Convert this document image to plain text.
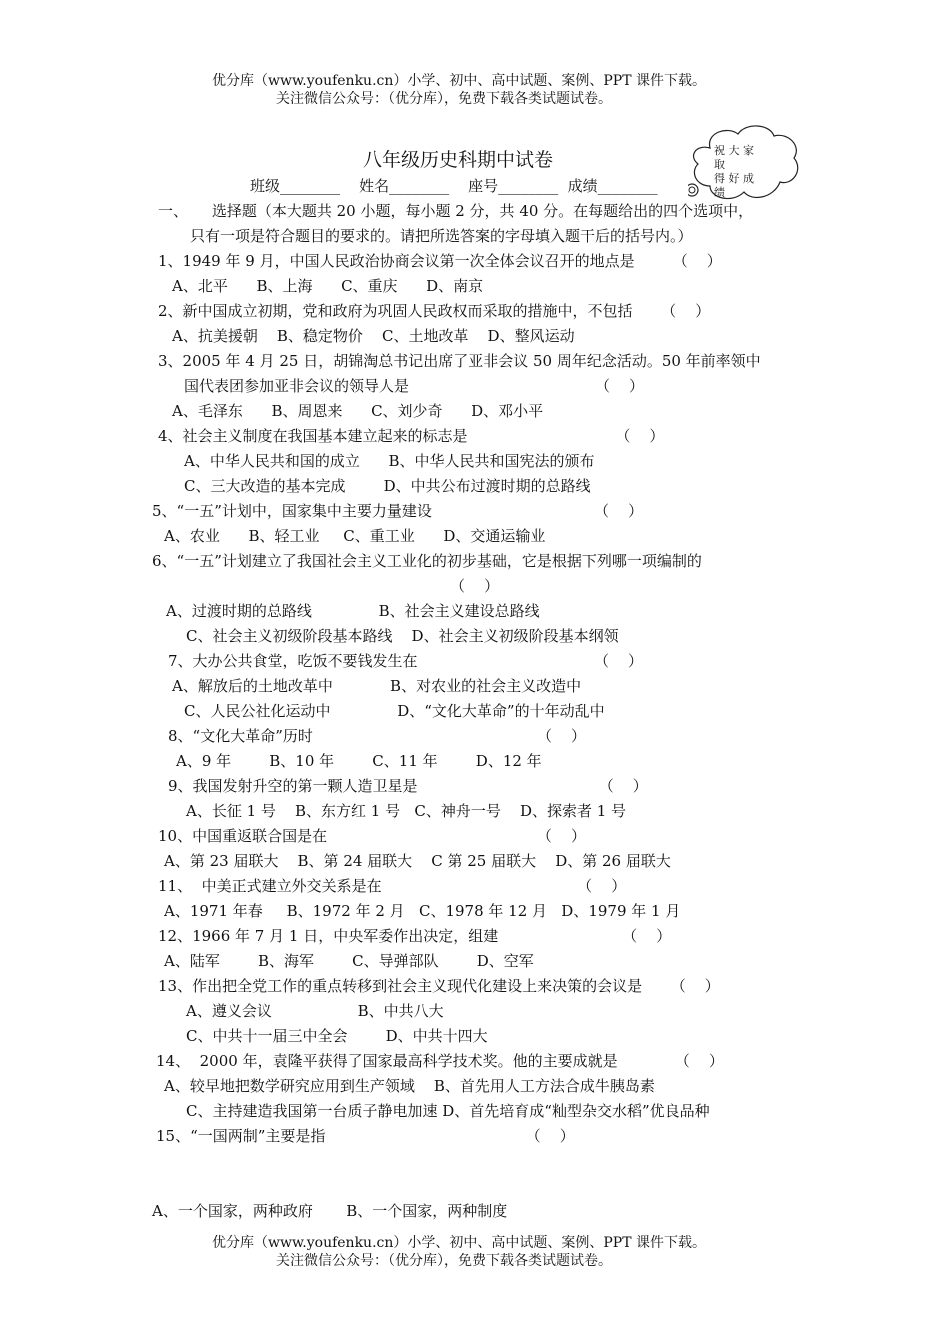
优分库（www.youfenku.cn）小学、初中、高中试题、案例、PPT 课件下载。
关注微信公众号：（优分库），免费下载各类试题试卷。
八年级历史科期中试卷
班级________    姓名________    座号________  成绩________
祝 大 家
取
得 好 成
绩
一、     选择题（本大题共 20 小题，每小题 2 分，共 40 分。在每题给出的四个选项中，
只有一项是符合题目的要求的。请把所选答案的字母填入题干后的括号内。）
1、1949 年 9 月，中国人民政治协商会议第一次全体会议召开的地点是        （    ）
A、北平      B、上海      C、重庆      D、南京
2、新中国成立初期，党和政府为巩固人民政权而采取的措施中，不包括      （    ）
A、抗美援朝    B、稳定物价    C、土地改革    D、整风运动
3、2005 年 4 月 25 日，胡锦淘总书记出席了亚非会议 50 周年纪念活动。50 年前率领中
国代表团参加亚非会议的领导人是                                       （    ）
A、毛泽东      B、周恩来      C、刘少奇      D、邓小平
4、社会主义制度在我国基本建立起来的标志是                               （    ）
A、中华人民共和国的成立      B、中华人民共和国宪法的颁布
C、三大改造的基本完成        D、中共公布过渡时期的总路线
5、“一五”计划中，国家集中主要力量建设                                  （    ）
A、农业      B、轻工业     C、重工业      D、交通运输业
6、“一五”计划建立了我国社会主义工业化的初步基础，它是根据下列哪一项编制的
（    ）
A、过渡时期的总路线              B、社会主义建设总路线
C、社会主义初级阶段基本路线    D、社会主义初级阶段基本纲领
7、大办公共食堂，吃饭不要钱发生在                                     （    ）
A、解放后的土地改革中            B、对农业的社会主义改造中
C、人民公社化运动中              D、“文化大革命”的十年动乱中
8、“文化大革命”历时                                               （    ）
A、9 年        B、10 年        C、11 年        D、12 年
9、我国发射升空的第一颗人造卫星是                                      （    ）
A、长征 1 号    B、东方红 1 号   C、神舟一号    D、探索者 1 号
10、中国重返联合国是在                                            （    ）
A、第 23 届联大    B、第 24 届联大    C 第 25 届联大    D、第 26 届联大
11、  中美正式建立外交关系是在                                         （    ）
A、1971 年春     B、1972 年 2 月   C、1978 年 12 月   D、1979 年 1 月
12、1966 年 7 月 1 日，中央军委作出决定，组建                          （    ）
A、陆军        B、海军        C、导弹部队        D、空军
13、作出把全党工作的重点转移到社会主义现代化建设上来决策的会议是      （    ）
A、遵义会议                  B、中共八大
C、中共十一届三中全会        D、中共十四大
14、  2000 年，袁隆平获得了国家最高科学技术奖。他的主要成就是            （    ）
A、较早地把数学研究应用到生产领域    B、首先用人工方法合成牛胰岛素
C、主持建造我国第一台质子静电加速 D、首先培育成“籼型杂交水稻”优良品种
15、“一国两制”主要是指                                          （    ）
A、一个国家，两种政府       B、一个国家，两种制度
优分库（www.youfenku.cn）小学、初中、高中试题、案例、PPT 课件下载。
关注微信公众号：（优分库），免费下载各类试题试卷。
